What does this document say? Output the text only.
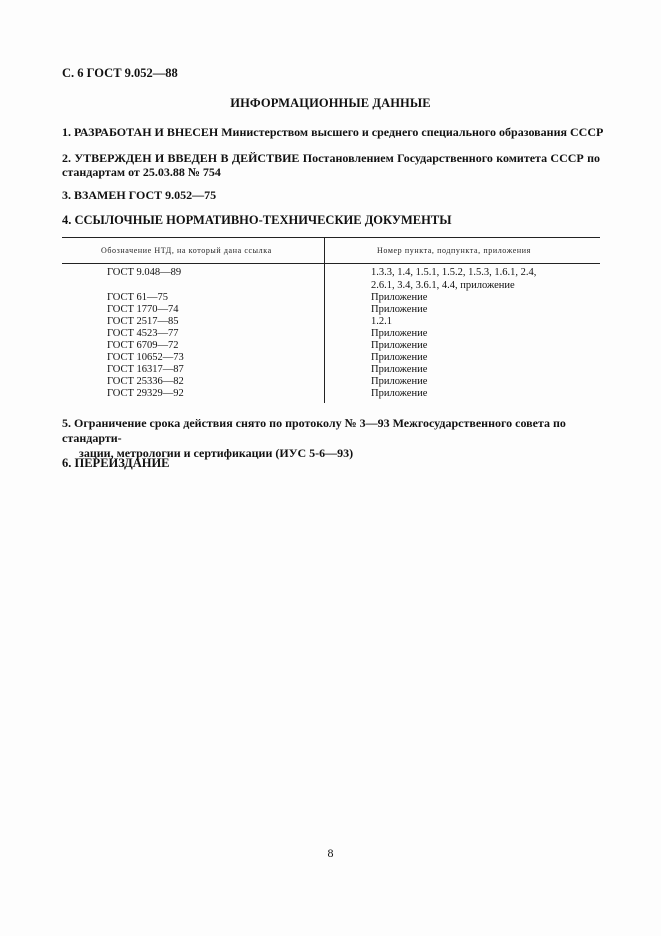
С. 6 ГОСТ 9.052—88
ИНФОРМАЦИОННЫЕ ДАННЫЕ
1. РАЗРАБОТАН И ВНЕСЕН Министерством высшего и среднего специального образования СССР
2. УТВЕРЖДЕН И ВВЕДЕН В ДЕЙСТВИЕ Постановлением Государственного комитета СССР по стандартам от 25.03.88 № 754
3. ВЗАМЕН ГОСТ 9.052—75
4. ССЫЛОЧНЫЕ НОРМАТИВНО-ТЕХНИЧЕСКИЕ ДОКУМЕНТЫ
Обозначение НТД, на который дана ссылка	Номер пункта, подпункта, приложения
ГОСТ 9.048—89	1.3.3, 1.4, 1.5.1, 1.5.2, 1.5.3, 1.6.1, 2.4,
2.6.1, 3.4, 3.6.1, 4.4, приложение
ГОСТ 61—75	Приложение
ГОСТ 1770—74	Приложение
ГОСТ 2517—85	1.2.1
ГОСТ 4523—77	Приложение
ГОСТ 6709—72	Приложение
ГОСТ 10652—73	Приложение
ГОСТ 16317—87	Приложение
ГОСТ 25336—82	Приложение
ГОСТ 29329—92	Приложение
5. Ограничение срока действия снято по протоколу № 3—93 Межгосударственного совета по стандарти-
зации, метрологии и сертификации (ИУС 5-6—93)
6. ПЕРЕИЗДАНИЕ
8
